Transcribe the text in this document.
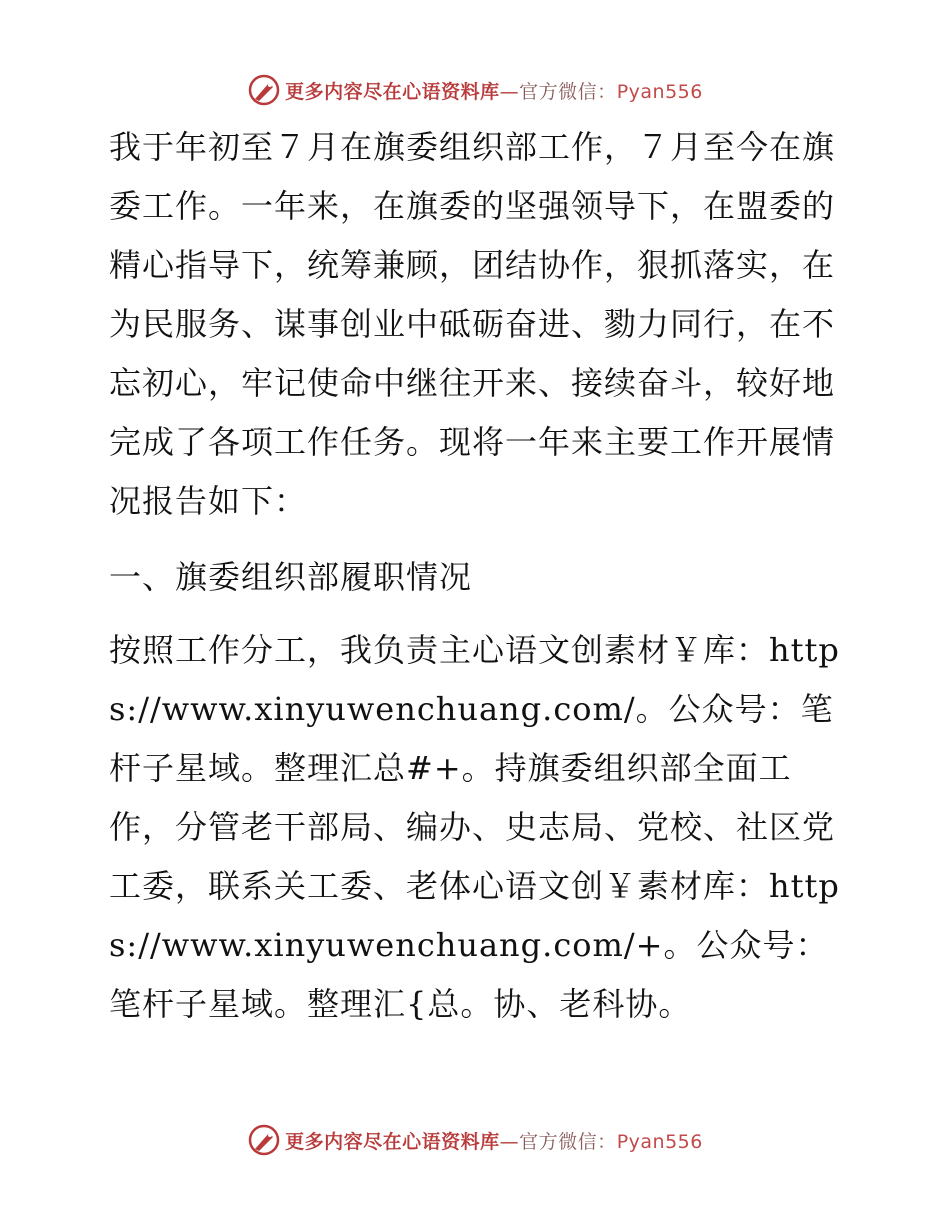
更多内容尽在心语资料库—官方微信：Pyan556

我于年初至７月在旗委组织部工作，７月至今在旗委工作。一年来，在旗委的坚强领导下，在盟委的精心指导下，统筹兼顾，团结协作，狠抓落实，在为民服务、谋事创业中砥砺奋进、勠力同行，在不忘初心，牢记使命中继往开来、接续奋斗，较好地完成了各项工作任务。现将一年来主要工作开展情况报告如下：

一、旗委组织部履职情况

按照工作分工，我负责主心语文创素材￥库：https://www.xinyuwenchuang.com/。公众号：笔杆子星域。整理汇总#+。持旗委组织部全面工作，分管老干部局、编办、史志局、党校、社区党工委，联系关工委、老体心语文创￥素材库：https://www.xinyuwenchuang.com/+。公众号：笔杆子星域。整理汇{总。协、老科协。

更多内容尽在心语资料库—官方微信：Pyan556
